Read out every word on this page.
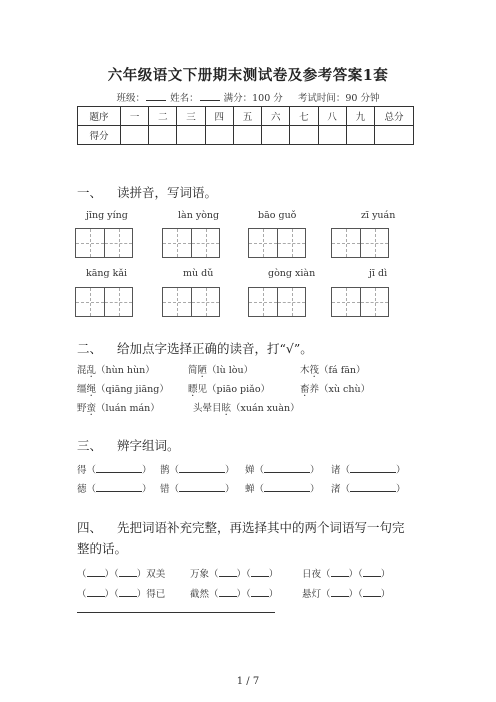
六年级语文下册期末测试卷及参考答案1套
班级：	姓名：	满分：100 分 考试时间：90 分钟
题序	一	二	三	四	五	六	七	八	九	总分
得分										
一、 读拼音，写词语。
jīng yíng	làn yòng	bāo guǒ	zī yuán
kāng kǎi	mù dǔ	gòng xiàn	jī dì
二、 给加点字选择正确的读音，打“√”。
混乱（hùn hùn）	简陋（lù lòu）	木筏（fá fān）
缰绳（qiāng jiāng） 瞟见（piāo piǎo）	畜养（xù chù）
野蛮（luán mán）	头晕目眩（xuán xuàn）
三、 辨字组词。
得（	） 鹊（	） 婵（	） 诸（	）
德（	） 错（	） 蝉（	） 渚（	）
四、 先把词语补充完整，再选择其中的两个词语写一句完
整的话。
（ ）（ ）双美	万象（ ）（ ） 日夜（ ）（ ）
（ ）（ ）得已	截然（ ）（ ） 悬灯（ ）（ ）
1 / 7
